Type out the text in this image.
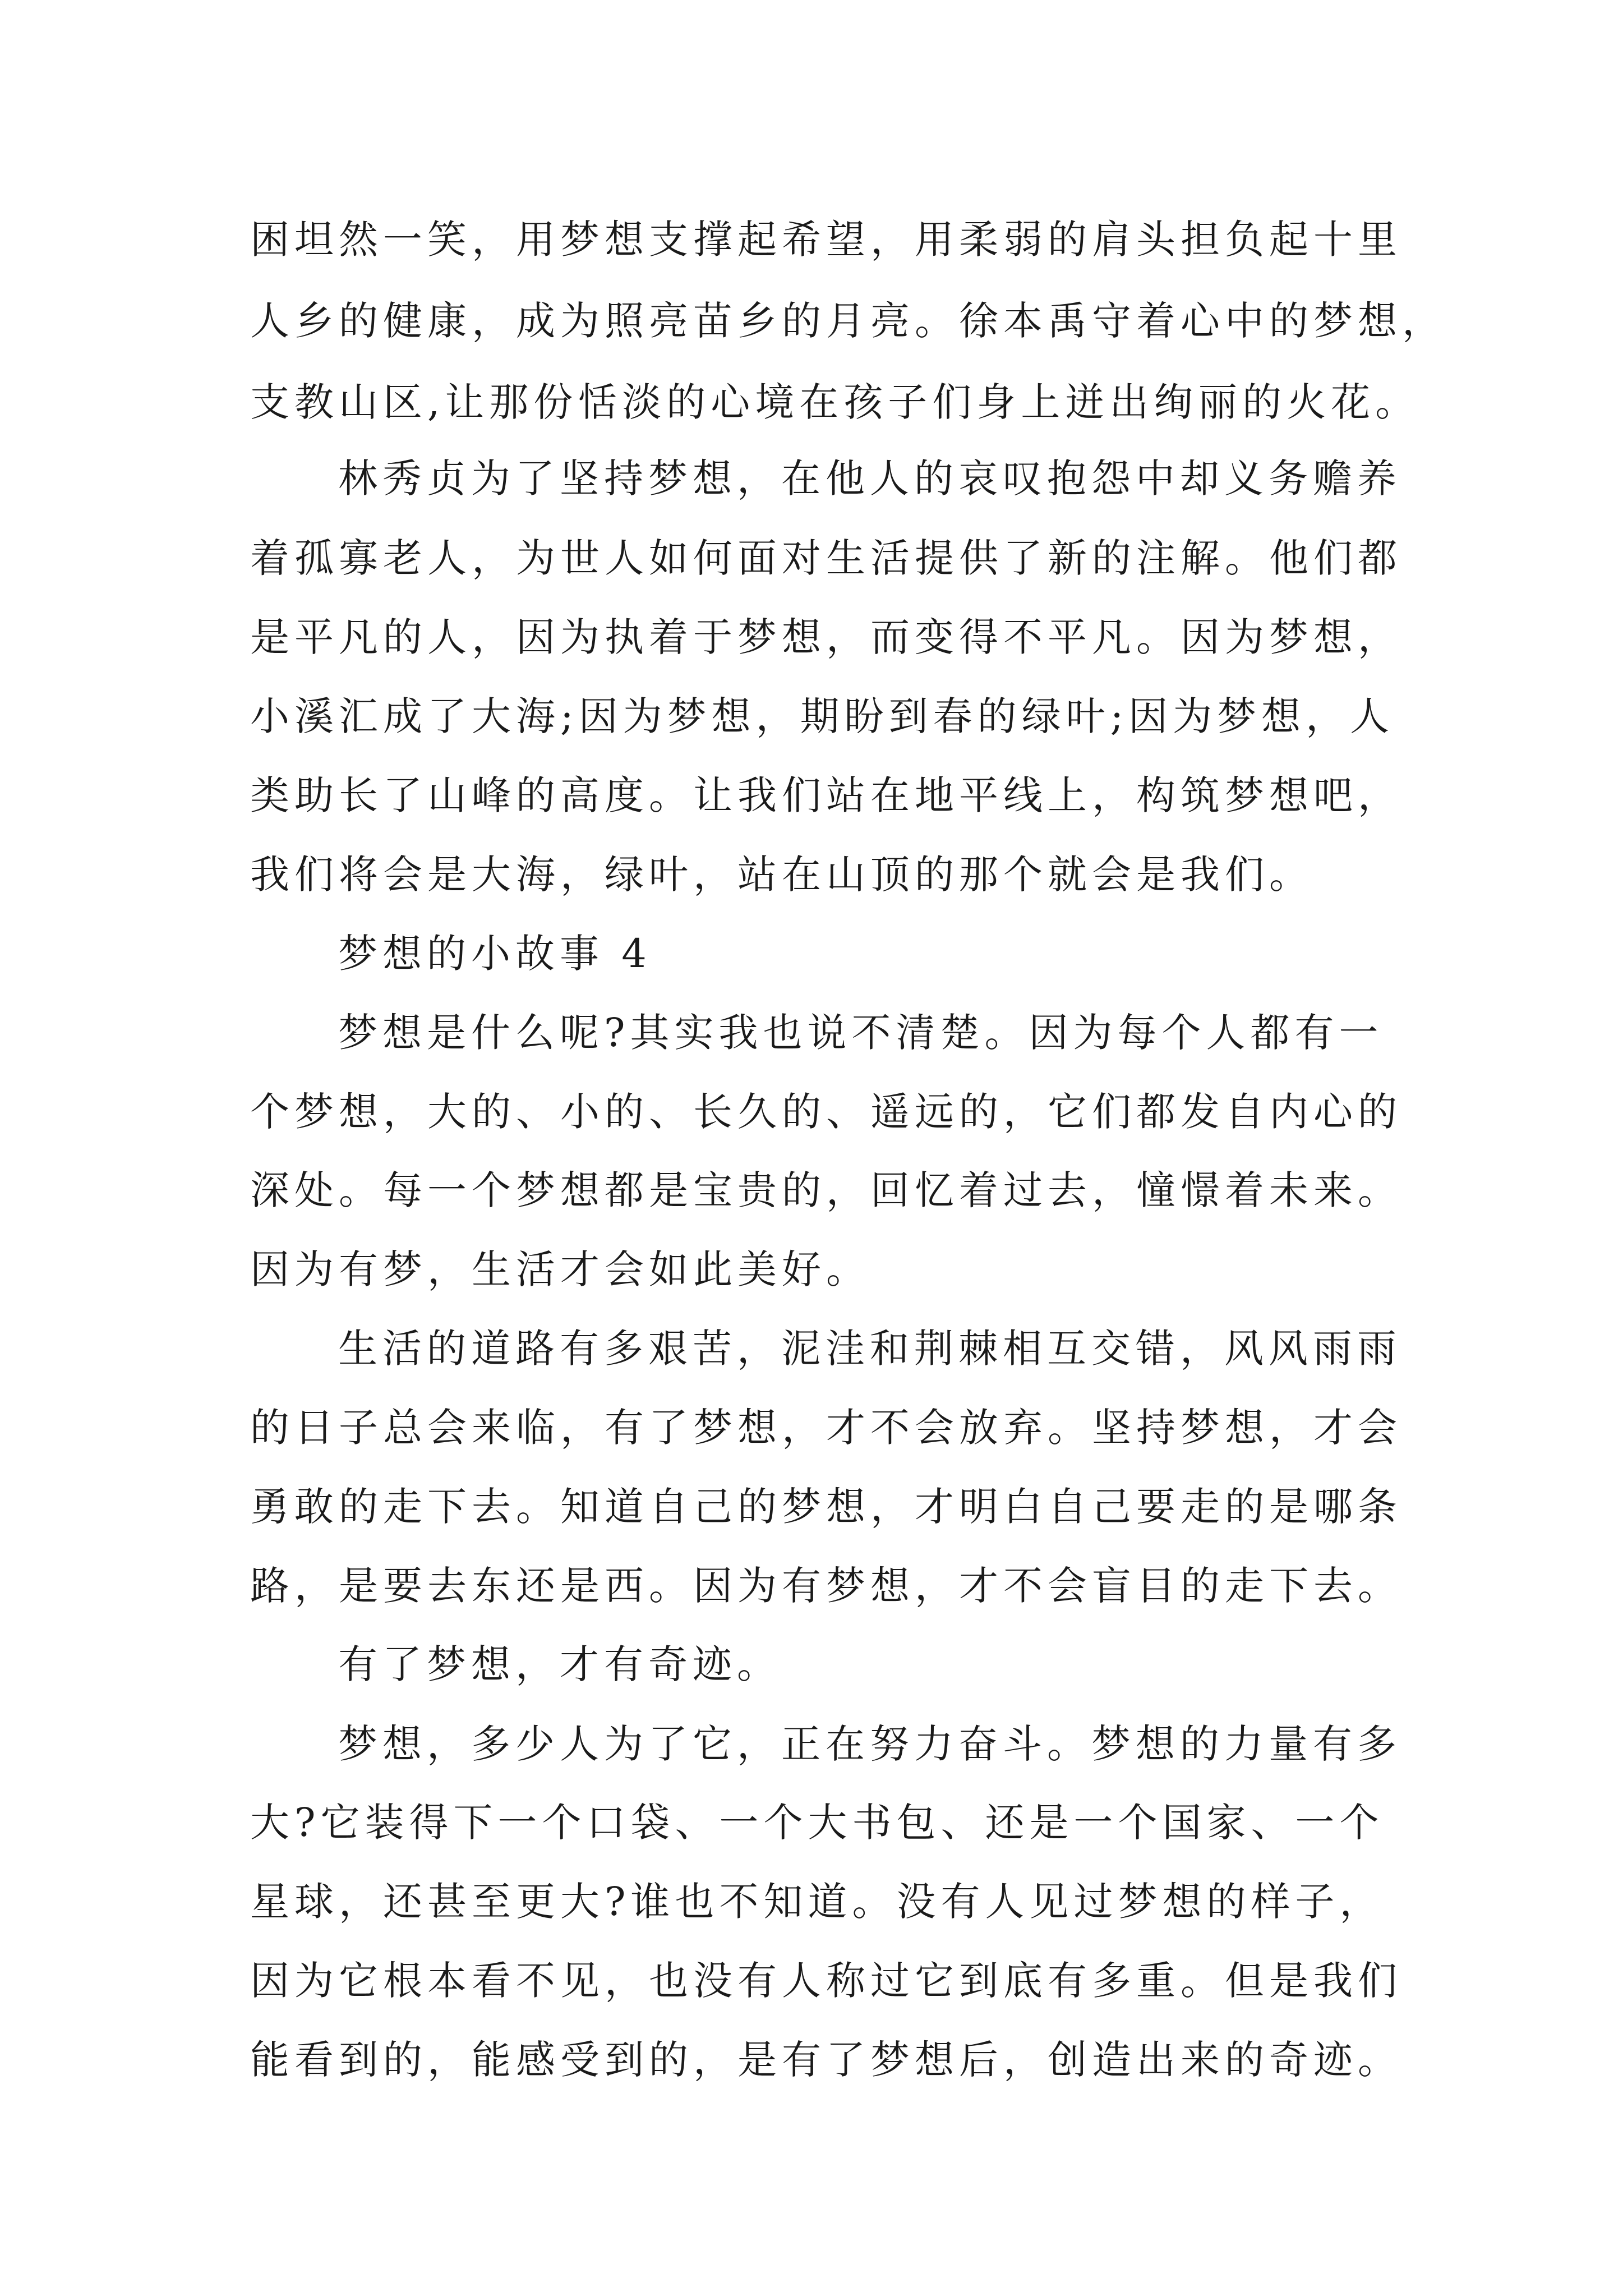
困坦然一笑，用梦想支撑起希望，用柔弱的肩头担负起十里
人乡的健康，成为照亮苗乡的月亮。徐本禹守着心中的梦想，
支教山区,让那份恬淡的心境在孩子们身上迸出绚丽的火花。
林秀贞为了坚持梦想，在他人的哀叹抱怨中却义务赡养
着孤寡老人，为世人如何面对生活提供了新的注解。他们都
是平凡的人，因为执着于梦想，而变得不平凡。因为梦想，
小溪汇成了大海;因为梦想，期盼到春的绿叶;因为梦想，人
类助长了山峰的高度。让我们站在地平线上，构筑梦想吧，
我们将会是大海，绿叶，站在山顶的那个就会是我们。
梦想的小故事 4
梦想是什么呢?其实我也说不清楚。因为每个人都有一
个梦想，大的、小的、长久的、遥远的，它们都发自内心的
深处。每一个梦想都是宝贵的，回忆着过去，憧憬着未来。
因为有梦，生活才会如此美好。
生活的道路有多艰苦，泥洼和荆棘相互交错，风风雨雨
的日子总会来临，有了梦想，才不会放弃。坚持梦想，才会
勇敢的走下去。知道自己的梦想，才明白自己要走的是哪条
路，是要去东还是西。因为有梦想，才不会盲目的走下去。
有了梦想，才有奇迹。
梦想，多少人为了它，正在努力奋斗。梦想的力量有多
大?它装得下一个口袋、一个大书包、还是一个国家、一个
星球，还甚至更大?谁也不知道。没有人见过梦想的样子，
因为它根本看不见，也没有人称过它到底有多重。但是我们
能看到的，能感受到的，是有了梦想后，创造出来的奇迹。
